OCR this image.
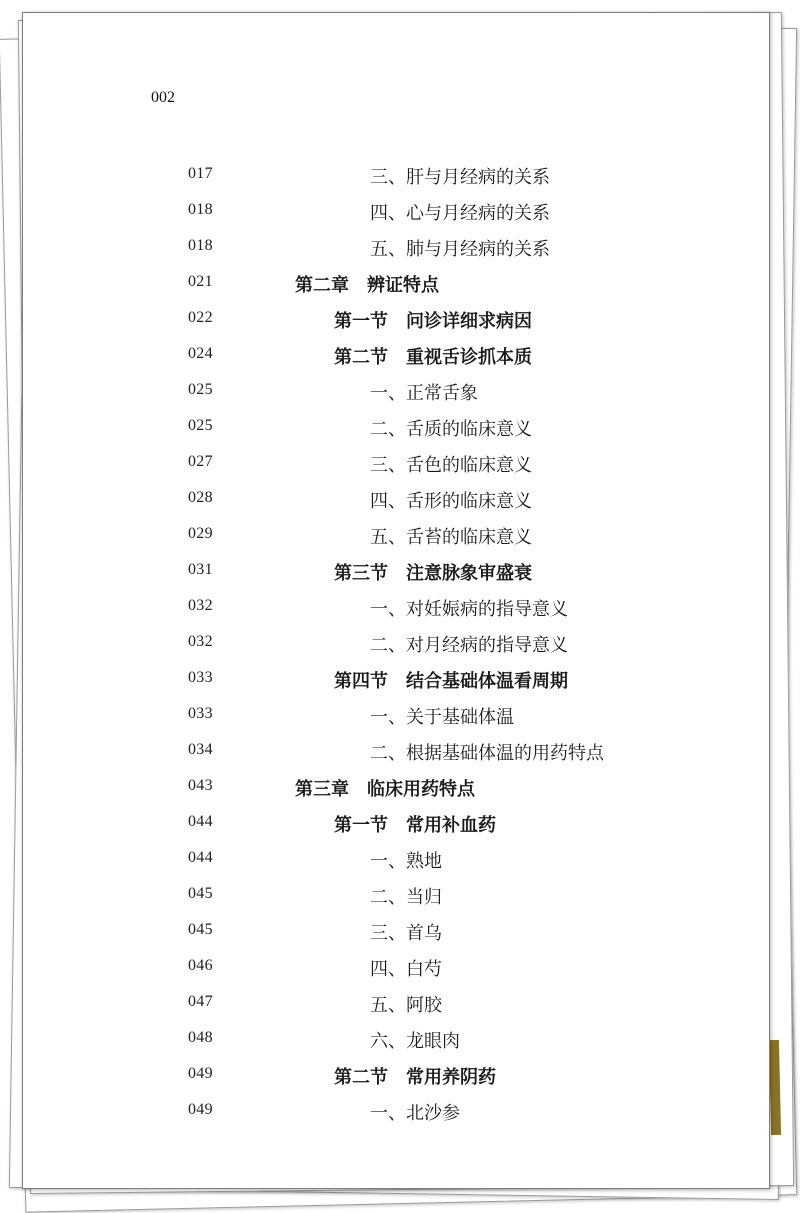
002
017	三、肝与月经病的关系
018	四、心与月经病的关系
018	五、肺与月经病的关系
021	第二章 辨证特点
022	第一节 问诊详细求病因
024	第二节 重视舌诊抓本质
025	一、正常舌象
025	二、舌质的临床意义
027	三、舌色的临床意义
028	四、舌形的临床意义
029	五、舌苔的临床意义
031	第三节 注意脉象审盛衰
032	一、对妊娠病的指导意义
032	二、对月经病的指导意义
033	第四节 结合基础体温看周期
033	一、关于基础体温
034	二、根据基础体温的用药特点
043	第三章 临床用药特点
044	第一节 常用补血药
044	一、熟地
045	二、当归
045	三、首乌
046	四、白芍
047	五、阿胶
048	六、龙眼肉
049	第二节 常用养阴药
049	一、北沙参
